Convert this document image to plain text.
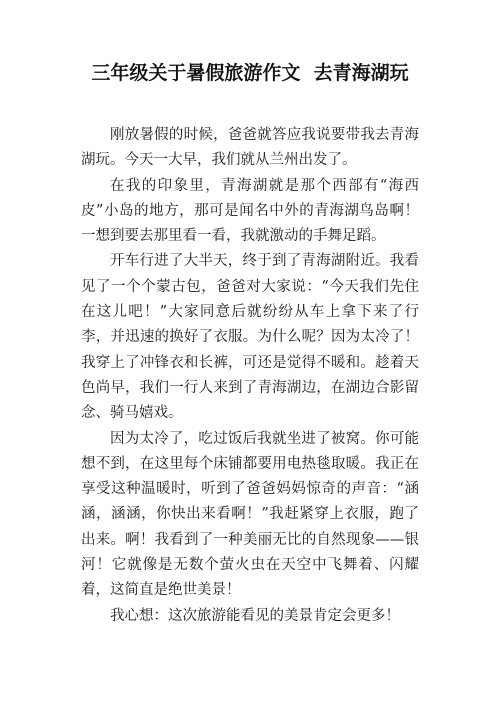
三年级关于暑假旅游作文  去青海湖玩

刚放暑假的时候，爸爸就答应我说要带我去青海湖玩。今天一大早，我们就从兰州出发了。

在我的印象里，青海湖就是那个西部有“海西皮”小岛的地方，那可是闻名中外的青海湖鸟岛啊！一想到要去那里看一看，我就激动的手舞足蹈。

开车行进了大半天，终于到了青海湖附近。我看见了一个个蒙古包，爸爸对大家说：“今天我们先住在这儿吧！”大家同意后就纷纷从车上拿下来了行李，并迅速的换好了衣服。为什么呢？因为太冷了！我穿上了冲锋衣和长裤，可还是觉得不暖和。趁着天色尚早，我们一行人来到了青海湖边，在湖边合影留念、骑马嬉戏。

因为太冷了，吃过饭后我就坐进了被窝。你可能想不到，在这里每个床铺都要用电热毯取暖。我正在享受这种温暖时，听到了爸爸妈妈惊奇的声音：“涵涵，涵涵，你快出来看啊！”我赶紧穿上衣服，跑了出来。啊！我看到了一种美丽无比的自然现象——银河！它就像是无数个萤火虫在天空中飞舞着、闪耀着，这简直是绝世美景！

我心想：这次旅游能看见的美景肯定会更多！
